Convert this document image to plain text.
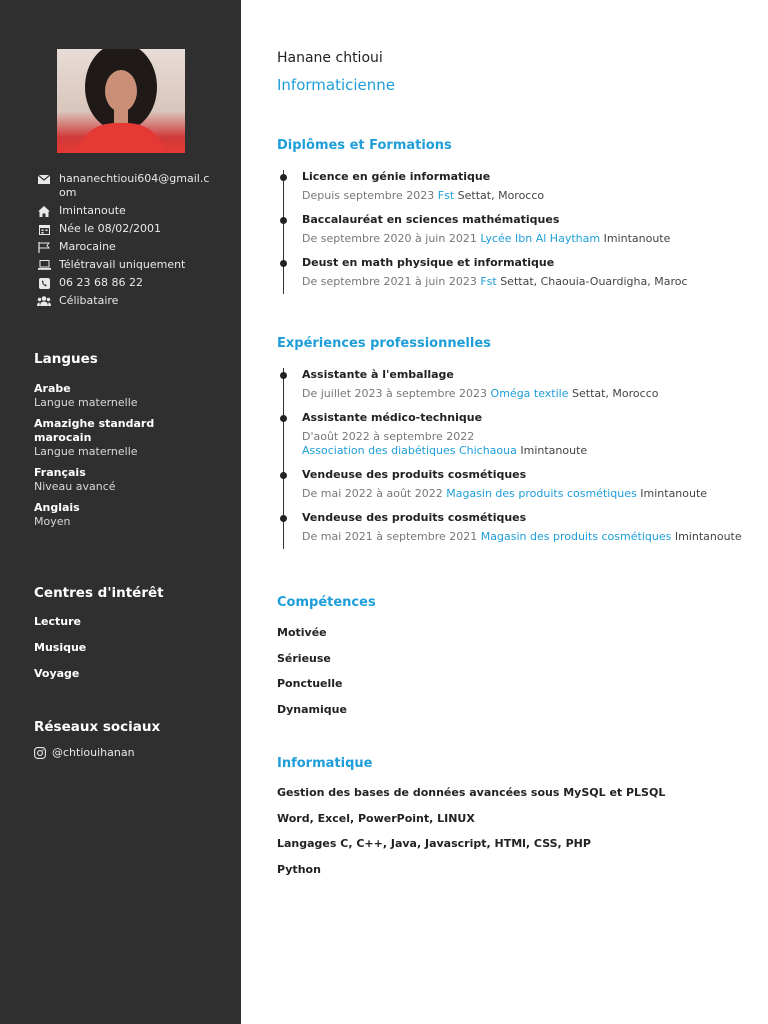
hananechtioui604@gmail.com
Imintanoute
Née le 08/02/2001
Marocaine
Télétravail uniquement
06 23 68 86 22
Célibataire
Langues
Arabe
Langue maternelle
Amazighe standard marocain
Langue maternelle
Français
Niveau avancé
Anglais
Moyen
Centres d'intérêt
Lecture
Musique
Voyage
Réseaux sociaux
@chtiouihanan
Hanane chtioui
Informaticienne
Diplômes et Formations
Licence en génie informatique
Depuis septembre 2023 Fst Settat, Morocco
Baccalauréat en sciences mathématiques
De septembre 2020 à juin 2021 Lycée Ibn Al Haytham Imintanoute
Deust en math physique et informatique
De septembre 2021 à juin 2023 Fst Settat, Chaouia-Ouardigha, Maroc
Expériences professionnelles
Assistante à l'emballage
De juillet 2023 à septembre 2023 Oméga textile Settat, Morocco
Assistante médico-technique
D'août 2022 à septembre 2022
Association des diabétiques Chichaoua Imintanoute
Vendeuse des produits cosmétiques
De mai 2022 à août 2022 Magasin des produits cosmétiques Imintanoute
Vendeuse des produits cosmétiques
De mai 2021 à septembre 2021 Magasin des produits cosmétiques Imintanoute
Compétences
Motivée
Sérieuse
Ponctuelle
Dynamique
Informatique
Gestion des bases de données avancées sous MySQL et PLSQL
Word, Excel, PowerPoint, LINUX
Langages C, C++, Java, Javascript, HTMl, CSS, PHP
Python
